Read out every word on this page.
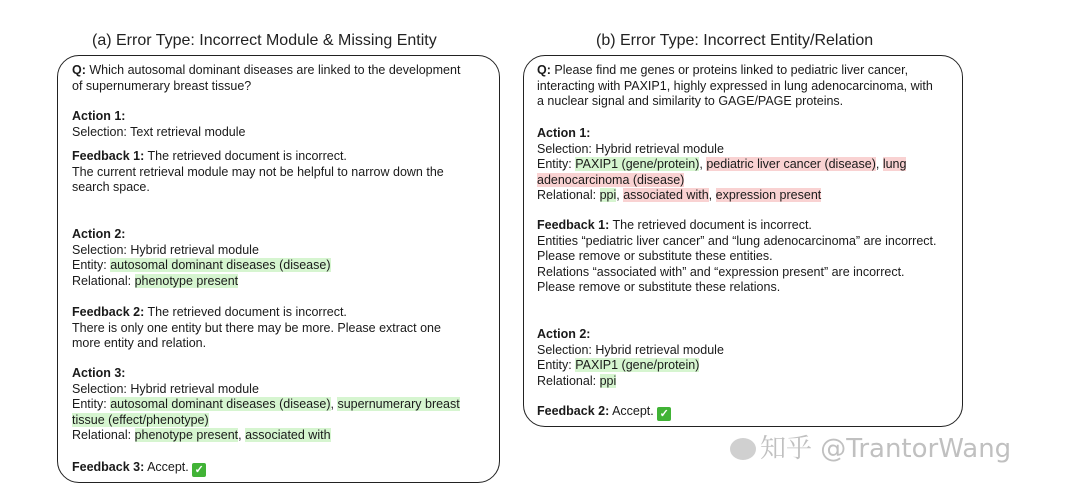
(a) Error Type: Incorrect Module & Missing Entity	(b) Error Type: Incorrect Entity/Relation
Q: Which autosomal dominant diseases are linked to the development
of supernumerary breast tissue?
Action 1:
Selection: Text retrieval module
Feedback 1: The retrieved document is incorrect.
The current retrieval module may not be helpful to narrow down the
search space.
Action 2:
Selection: Hybrid retrieval module
Entity: autosomal dominant diseases (disease)
Relational: phenotype present
Feedback 2: The retrieved document is incorrect.
There is only one entity but there may be more. Please extract one
more entity and relation.
Action 3:
Selection: Hybrid retrieval module
Entity: autosomal dominant diseases (disease), supernumerary breast
tissue (effect/phenotype)
Relational: phenotype present, associated with
Feedback 3: Accept. ✓
Q: Please find me genes or proteins linked to pediatric liver cancer,
interacting with PAXIP1, highly expressed in lung adenocarcinoma, with
a nuclear signal and similarity to GAGE/PAGE proteins.
Action 1:
Selection: Hybrid retrieval module
Entity: PAXIP1 (gene/protein), pediatric liver cancer (disease), lung
adenocarcinoma (disease)
Relational: ppi, associated with, expression present
Feedback 1: The retrieved document is incorrect.
Entities “pediatric liver cancer” and “lung adenocarcinoma” are incorrect.
Please remove or substitute these entities.
Relations “associated with” and “expression present” are incorrect.
Please remove or substitute these relations.
Action 2:
Selection: Hybrid retrieval module
Entity: PAXIP1 (gene/protein)
Relational: ppi
Feedback 2: Accept. ✓
知乎 @TrantorWang
